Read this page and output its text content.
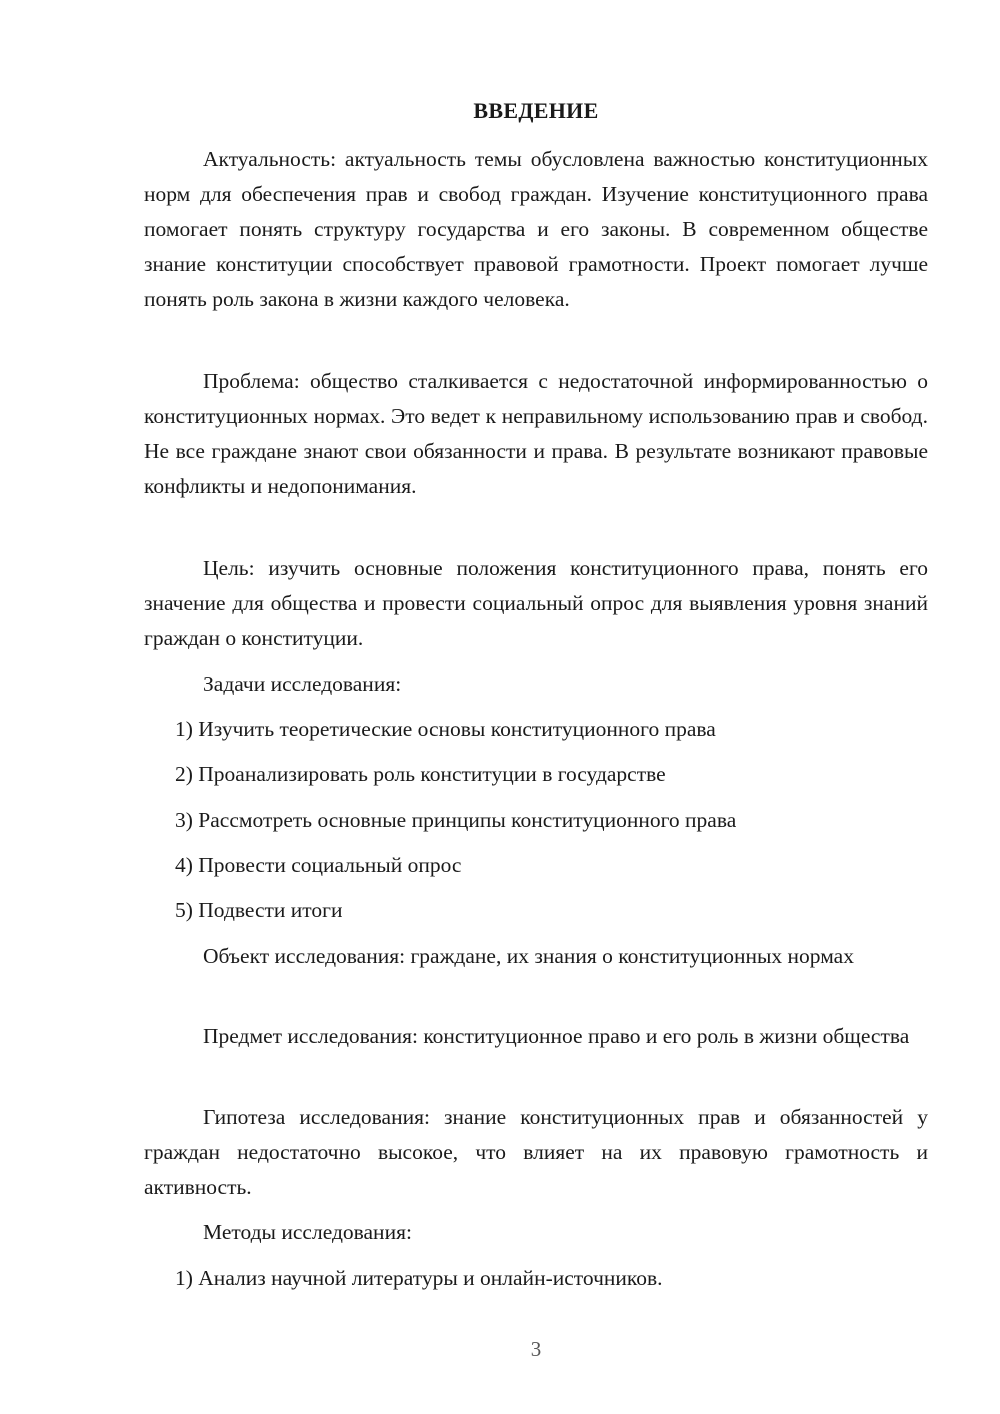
ВВЕДЕНИЕ

Актуальность: актуальность темы обусловлена важностью конституционных норм для обеспечения прав и свобод граждан. Изучение конституционного права помогает понять структуру государства и его законы. В современном обществе знание конституции способствует правовой грамотности. Проект помогает лучше понять роль закона в жизни каждого человека.

Проблема: общество сталкивается с недостаточной информированностью о конституционных нормах. Это ведет к неправильному использованию прав и свобод. Не все граждане знают свои обязанности и права. В результате возникают правовые конфликты и недопонимания.

Цель: изучить основные положения конституционного права, понять его значение для общества и провести социальный опрос для выявления уровня знаний граждан о конституции.

Задачи исследования:

1) Изучить теоретические основы конституционного права

2) Проанализировать роль конституции в государстве

3) Рассмотреть основные принципы конституционного права

4) Провести социальный опрос

5) Подвести итоги

Объект исследования: граждане, их знания о конституционных нормах

Предмет исследования: конституционное право и его роль в жизни общества

Гипотеза исследования: знание конституционных прав и обязанностей у граждан недостаточно высокое, что влияет на их правовую грамотность и активность.

Методы исследования:

1) Анализ научной литературы и онлайн-источников.

3
